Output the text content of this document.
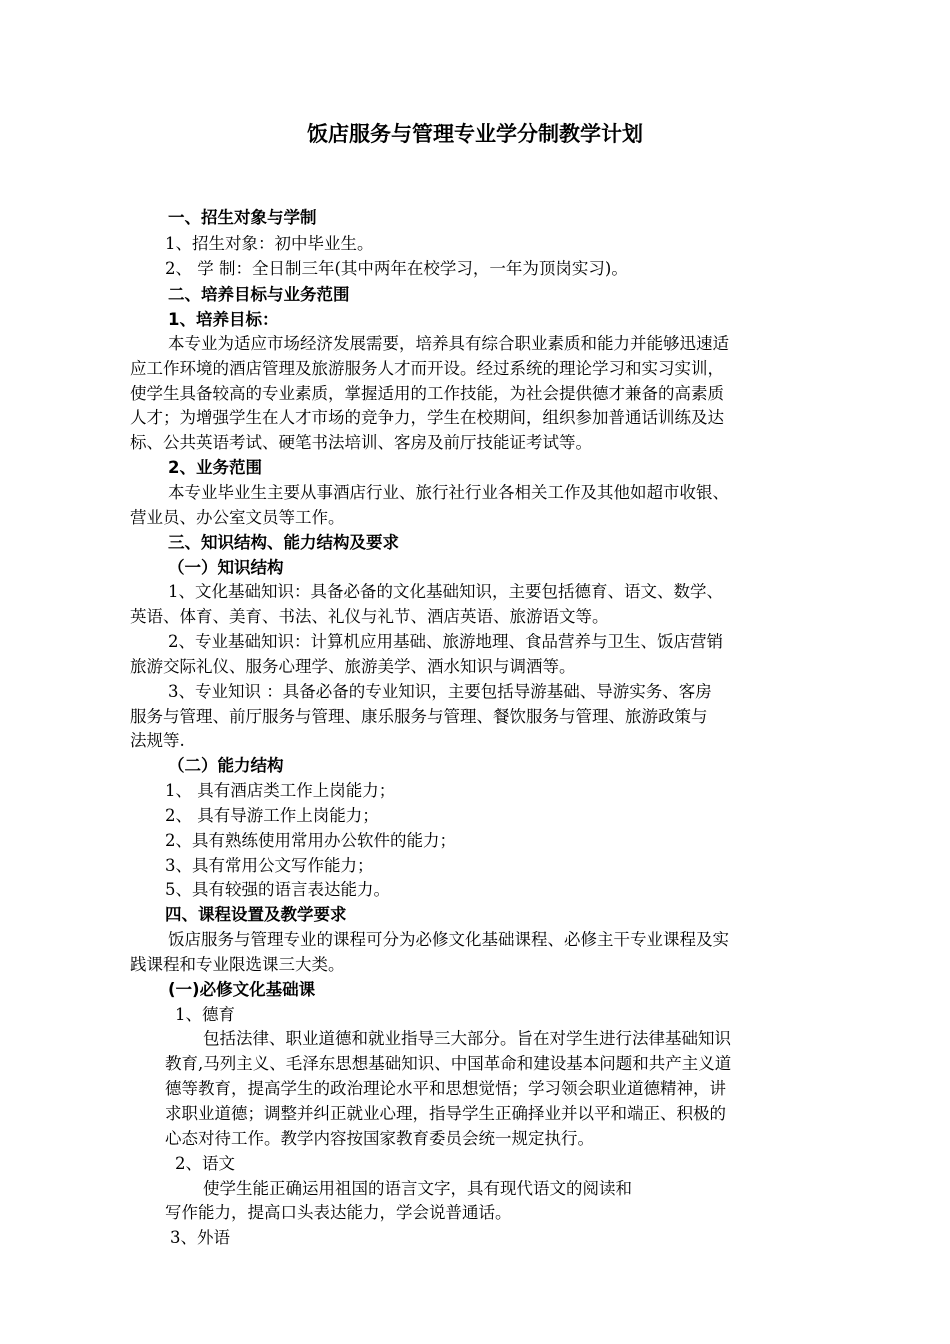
饭店服务与管理专业学分制教学计划
一、招生对象与学制
1、招生对象：初中毕业生。
2、 学 制：全日制三年(其中两年在校学习，一年为顶岗实习)。
二、培养目标与业务范围
1、培养目标：
本专业为适应市场经济发展需要，培养具有综合职业素质和能力并能够迅速适
应工作环境的酒店管理及旅游服务人才而开设。经过系统的理论学习和实习实训，
使学生具备较高的专业素质，掌握适用的工作技能，为社会提供德才兼备的高素质
人才；为增强学生在人才市场的竞争力，学生在校期间，组织参加普通话训练及达
标、公共英语考试、硬笔书法培训、客房及前厅技能证考试等。
2、业务范围
本专业毕业生主要从事酒店行业、旅行社行业各相关工作及其他如超市收银、
营业员、办公室文员等工作。
三、知识结构、能力结构及要求
（一）知识结构
1、文化基础知识：具备必备的文化基础知识，主要包括德育、语文、数学、
英语、体育、美育、书法、礼仪与礼节、酒店英语、旅游语文等。
2、专业基础知识：计算机应用基础、旅游地理、食品营养与卫生、饭店营销
旅游交际礼仪、服务心理学、旅游美学、酒水知识与调酒等。
3、专业知识 ：具备必备的专业知识，主要包括导游基础、导游实务、客房
服务与管理、前厅服务与管理、康乐服务与管理、餐饮服务与管理、旅游政策与
法规等.
（二）能力结构
1、 具有酒店类工作上岗能力；
2、 具有导游工作上岗能力；
2、具有熟练使用常用办公软件的能力；
3、具有常用公文写作能力；
5、具有较强的语言表达能力。
四、课程设置及教学要求
饭店服务与管理专业的课程可分为必修文化基础课程、必修主干专业课程及实
践课程和专业限选课三大类。
(一)必修文化基础课
1、德育
包括法律、职业道德和就业指导三大部分。旨在对学生进行法律基础知识
教育,马列主义、毛泽东思想基础知识、中国革命和建设基本问题和共产主义道
德等教育，提高学生的政治理论水平和思想觉悟；学习领会职业道德精神，讲
求职业道德；调整并纠正就业心理，指导学生正确择业并以平和端正、积极的
心态对待工作。教学内容按国家教育委员会统一规定执行。
2、语文
使学生能正确运用祖国的语言文字，具有现代语文的阅读和
写作能力，提高口头表达能力，学会说普通话。
3、外语
